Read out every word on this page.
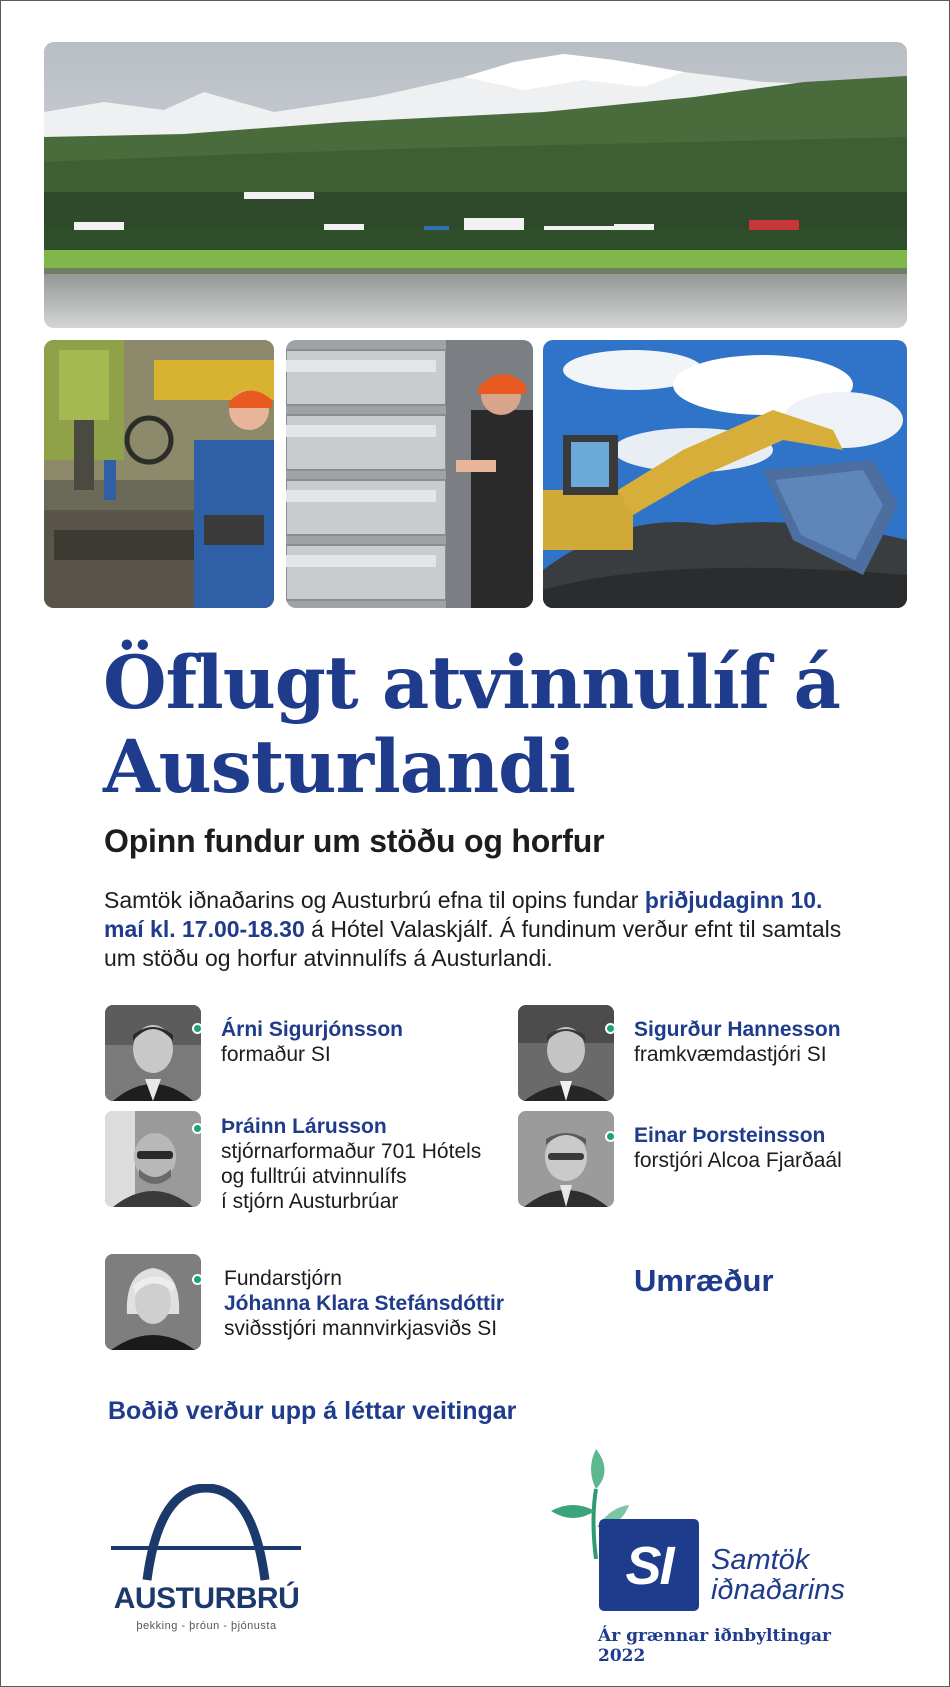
Öflugt atvinnulíf á
Austurlandi
Opinn fundur um stöðu og horfur

Samtök iðnaðarins og Austurbrú efna til opins fundar þriðjudaginn 10. maí kl. 17.00-18.30 á Hótel Valaskjálf. Á fundinum verður efnt til samtals um stöðu og horfur atvinnulífs á Austurlandi.

Árni Sigurjónsson
formaður SI
Sigurður Hannesson
framkvæmdastjóri SI
Þráinn Lárusson
stjórnarformaður 701 Hótels
og fulltrúi atvinnulífs
í stjórn Austurbrúar
Einar Þorsteinsson
forstjóri Alcoa Fjarðaál
Fundarstjórn
Jóhanna Klara Stefánsdóttir
sviðsstjóri mannvirkjasviðs SI
Umræður
Boðið verður upp á léttar veitingar
AUSTURBRÚ
þekking - þróun - þjónusta
SI	Samtök
iðnaðarins
Ár grænnar iðnbyltingar 2022
